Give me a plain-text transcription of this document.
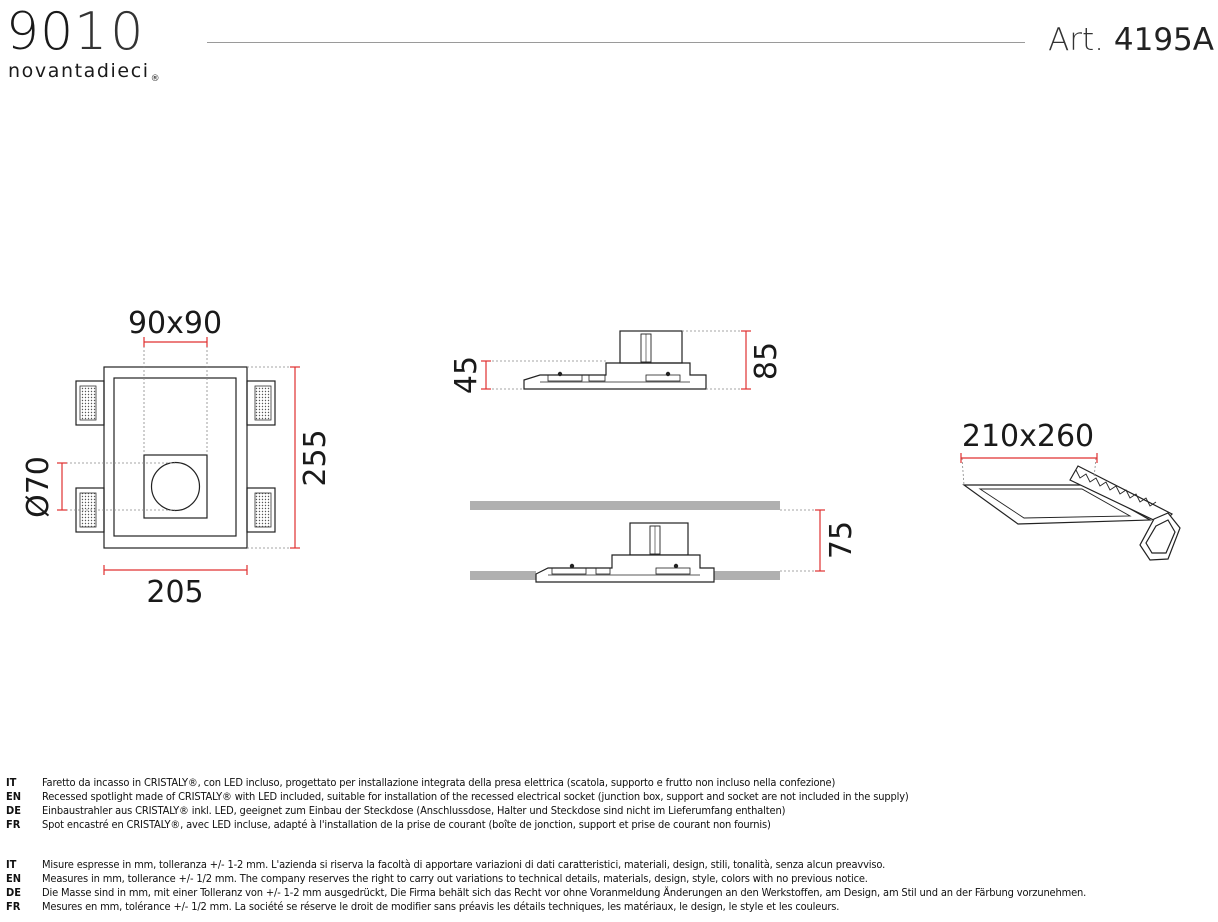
9010
novantadieci$_®$
Art. 4195A
90x90
205
255
Ø70
45	85
75
210x260
IT	Faretto da incasso in CRISTALY®, con LED incluso, progettato per installazione integrata della presa elettrica (scatola, supporto e frutto non incluso nella confezione)
EN	Recessed spotlight made of CRISTALY® with LED included, suitable for installation of the recessed electrical socket (junction box, support and socket are not included in the supply)
DE	Einbaustrahler aus CRISTALY® inkl. LED, geeignet zum Einbau der Steckdose (Anschlussdose, Halter und Steckdose sind nicht im Lieferumfang enthalten)
FR	Spot encastré en CRISTALY®, avec LED incluse, adapté à l'installation de la prise de courant (boîte de jonction, support et prise de courant non fournis)
IT	Misure espresse in mm, tolleranza +/- 1-2 mm. L'azienda si riserva la facoltà di apportare variazioni di dati caratteristici, materiali, design, stili, tonalità, senza alcun preavviso.
EN	Measures in mm, tollerance +/- 1/2 mm. The company reserves the right to carry out variations to technical details, materials, design, style, colors with no previous notice.
DE	Die Masse sind in mm, mit einer Tolleranz von +/- 1-2 mm ausgedrückt, Die Firma behält sich das Recht vor ohne Voranmeldung Änderungen an den Werkstoffen, am Design, am Stil und an der Färbung vorzunehmen.
FR	Mesures en mm, tolérance +/- 1/2 mm. La société se réserve le droit de modifier sans préavis les détails techniques, les matériaux, le design, le style et les couleurs.
